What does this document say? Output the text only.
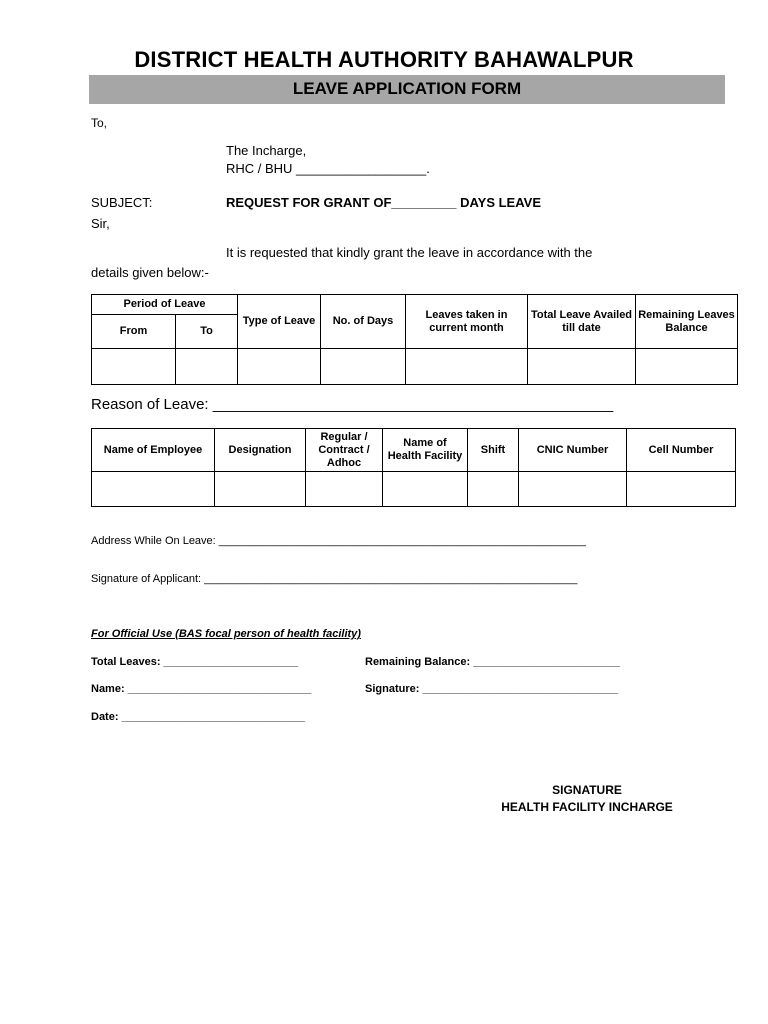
DISTRICT HEALTH AUTHORITY BAHAWALPUR
LEAVE APPLICATION FORM
To,
The Incharge,
RHC / BHU __________________.
SUBJECT:	REQUEST FOR GRANT OF_________ DAYS LEAVE
Sir,
It is requested that kindly grant the leave in accordance with the
details given below:-
Period of Leave		Type of Leave	No. of Days	Leaves taken in current month	Total Leave Availed till date	Remaining Leaves Balance
From	To					

Reason of Leave: ________________________________________________
Name of Employee	Designation	Regular / Contract / Adhoc	Name of Health Facility	Shift	CNIC Number	Cell Number

Address While On Leave: ____________________________________________________________
Signature of Applicant: _____________________________________________________________
For Official Use (BAS focal person of health facility)
Total Leaves: ______________________	Remaining Balance: ________________________
Name: ______________________________	Signature: ________________________________
Date: ______________________________
SIGNATURE
HEALTH FACILITY INCHARGE
